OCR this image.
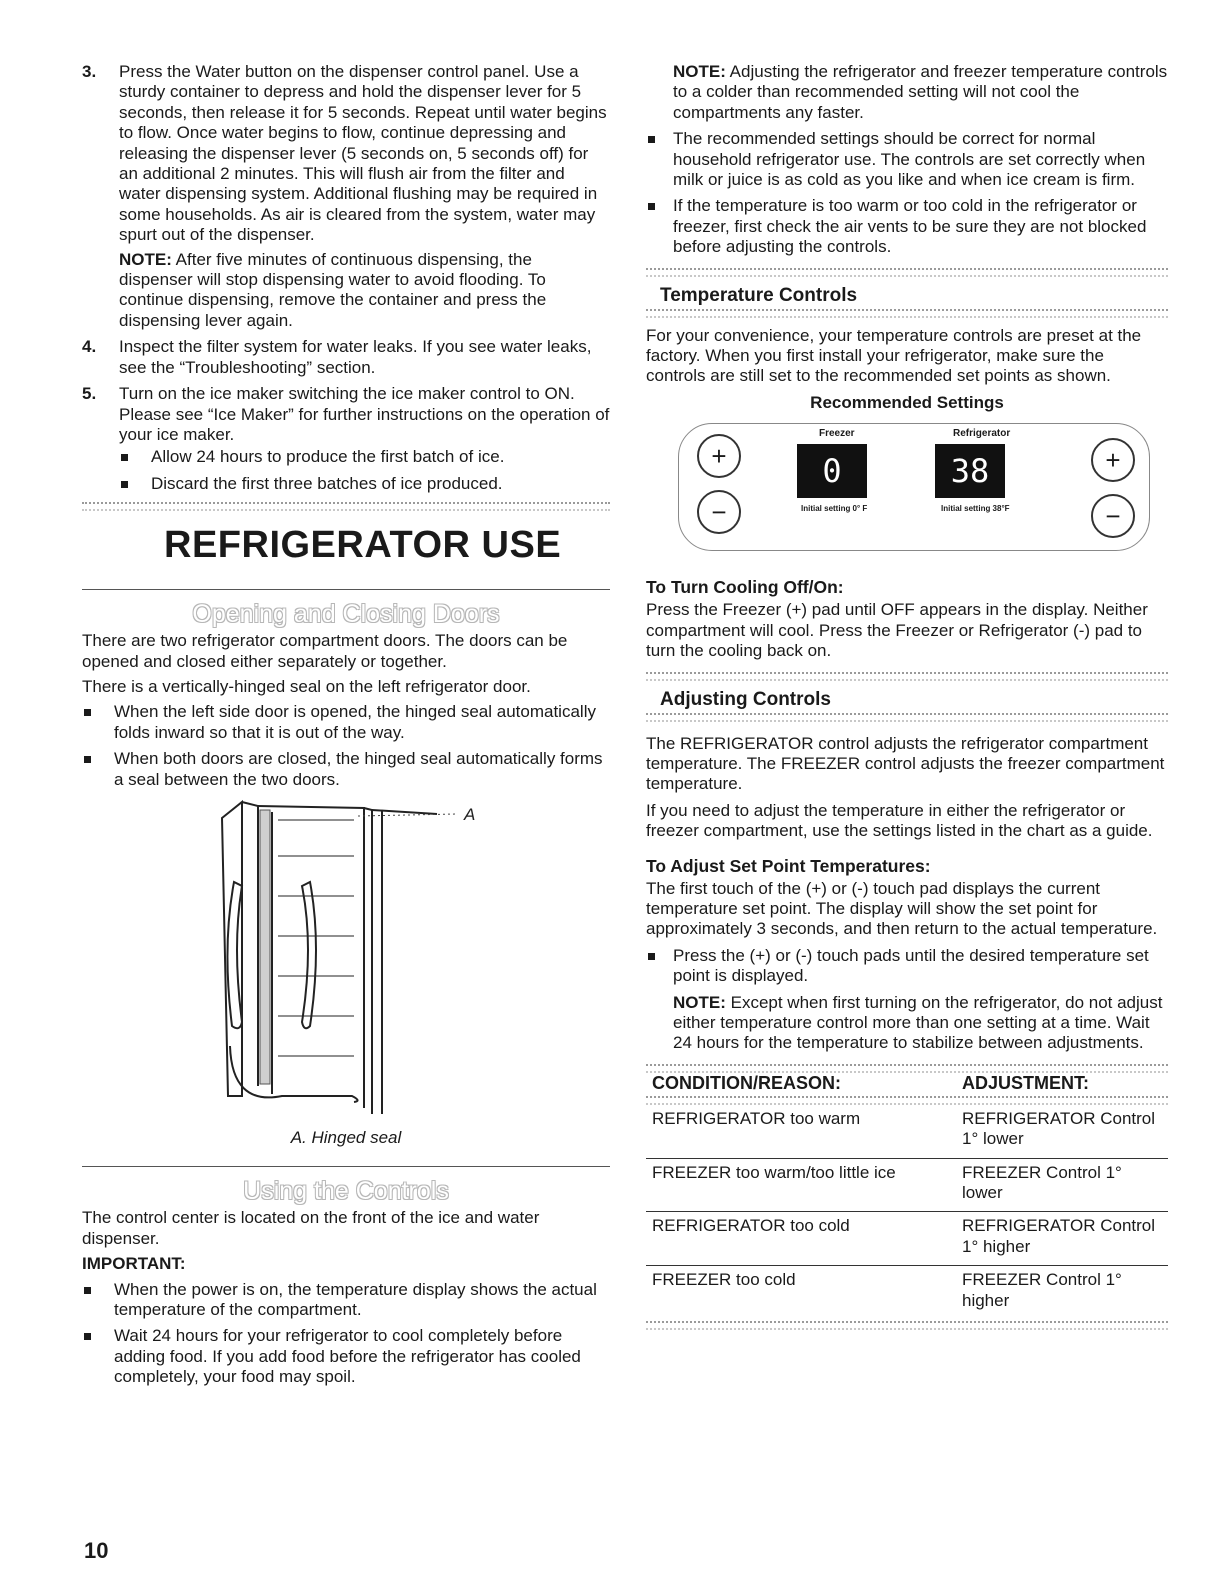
3.	Press the Water button on the dispenser control panel. Use a sturdy container to depress and hold the dispenser lever for 5 seconds, then release it for 5 seconds. Repeat until water begins to flow. Once water begins to flow, continue depressing and releasing the dispenser lever (5 seconds on, 5 seconds off) for an additional 2 minutes. This will flush air from the filter and water dispensing system. Additional flushing may be required in some households. As air is cleared from the system, water may spurt out of the dispenser.

NOTE: After five minutes of continuous dispensing, the dispenser will stop dispensing water to avoid flooding. To continue dispensing, remove the container and press the dispensing lever again.

4.	Inspect the filter system for water leaks. If you see water leaks, see the “Troubleshooting” section.

5.	Turn on the ice maker switching the ice maker control to ON. Please see “Ice Maker” for further instructions on the operation of your ice maker.

Allow 24 hours to produce the first batch of ice.

Discard the first three batches of ice produced.

REFRIGERATOR USE
Opening and Closing Doors

There are two refrigerator compartment doors. The doors can be opened and closed either separately or together.

There is a vertically-hinged seal on the left refrigerator door.

When the left side door is opened, the hinged seal automatically folds inward so that it is out of the way.

When both doors are closed, the hinged seal automatically forms a seal between the two doors.

A

A. Hinged seal

Using the Controls

The control center is located on the front of the ice and water dispenser.

IMPORTANT:

When the power is on, the temperature display shows the actual temperature of the compartment.

Wait 24 hours for your refrigerator to cool completely before adding food. If you add food before the refrigerator has cooled completely, your food may spoil.

10

NOTE: Adjusting the refrigerator and freezer temperature controls to a colder than recommended setting will not cool the compartments any faster.

The recommended settings should be correct for normal household refrigerator use. The controls are set correctly when milk or juice is as cold as you like and when ice cream is firm.

If the temperature is too warm or too cold in the refrigerator or freezer, first check the air vents to be sure they are not blocked before adjusting the controls.

Temperature Controls

For your convenience, your temperature controls are preset at the factory. When you first install your refrigerator, make sure the controls are still set to the recommended set points as shown.

Recommended Settings

Freezer	Refrigerator
+
−
0	38
Initial setting 0° F	Initial setting 38°F
+
−
To Turn Cooling Off/On:

Press the Freezer (+) pad until OFF appears in the display. Neither compartment will cool. Press the Freezer or Refrigerator (-) pad to turn the cooling back on.

Adjusting Controls

The REFRIGERATOR control adjusts the refrigerator compartment temperature. The FREEZER control adjusts the freezer compartment temperature.

If you need to adjust the temperature in either the refrigerator or freezer compartment, use the settings listed in the chart as a guide.

To Adjust Set Point Temperatures:

The first touch of the (+) or (-) touch pad displays the current temperature set point. The display will show the set point for approximately 3 seconds, and then return to the actual temperature.

Press the (+) or (-) touch pads until the desired temperature set point is displayed.

NOTE: Except when first turning on the refrigerator, do not adjust either temperature control more than one setting at a time. Wait 24 hours for the temperature to stabilize between adjustments.

CONDITION/REASON:	ADJUSTMENT:

REFRIGERATOR too warm	REFRIGERATOR Control 1° lower
FREEZER too warm/too little ice	FREEZER Control 1° lower
REFRIGERATOR too cold	REFRIGERATOR Control 1° higher
FREEZER too cold	FREEZER Control 1° higher
